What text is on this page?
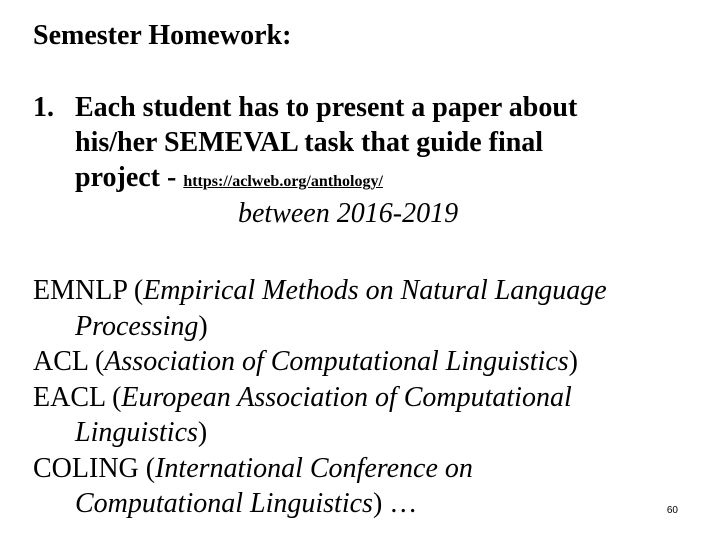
Semester Homework:
1. Each student has to present a paper about
his/her SEMEVAL task that guide final
project - https://aclweb.org/anthology/
between 2016-2019
EMNLP (Empirical Methods on Natural Language
Processing)
ACL (Association of Computational Linguistics)
EACL (European Association of Computational
Linguistics)
COLING (International Conference on
Computational Linguistics) …	60
